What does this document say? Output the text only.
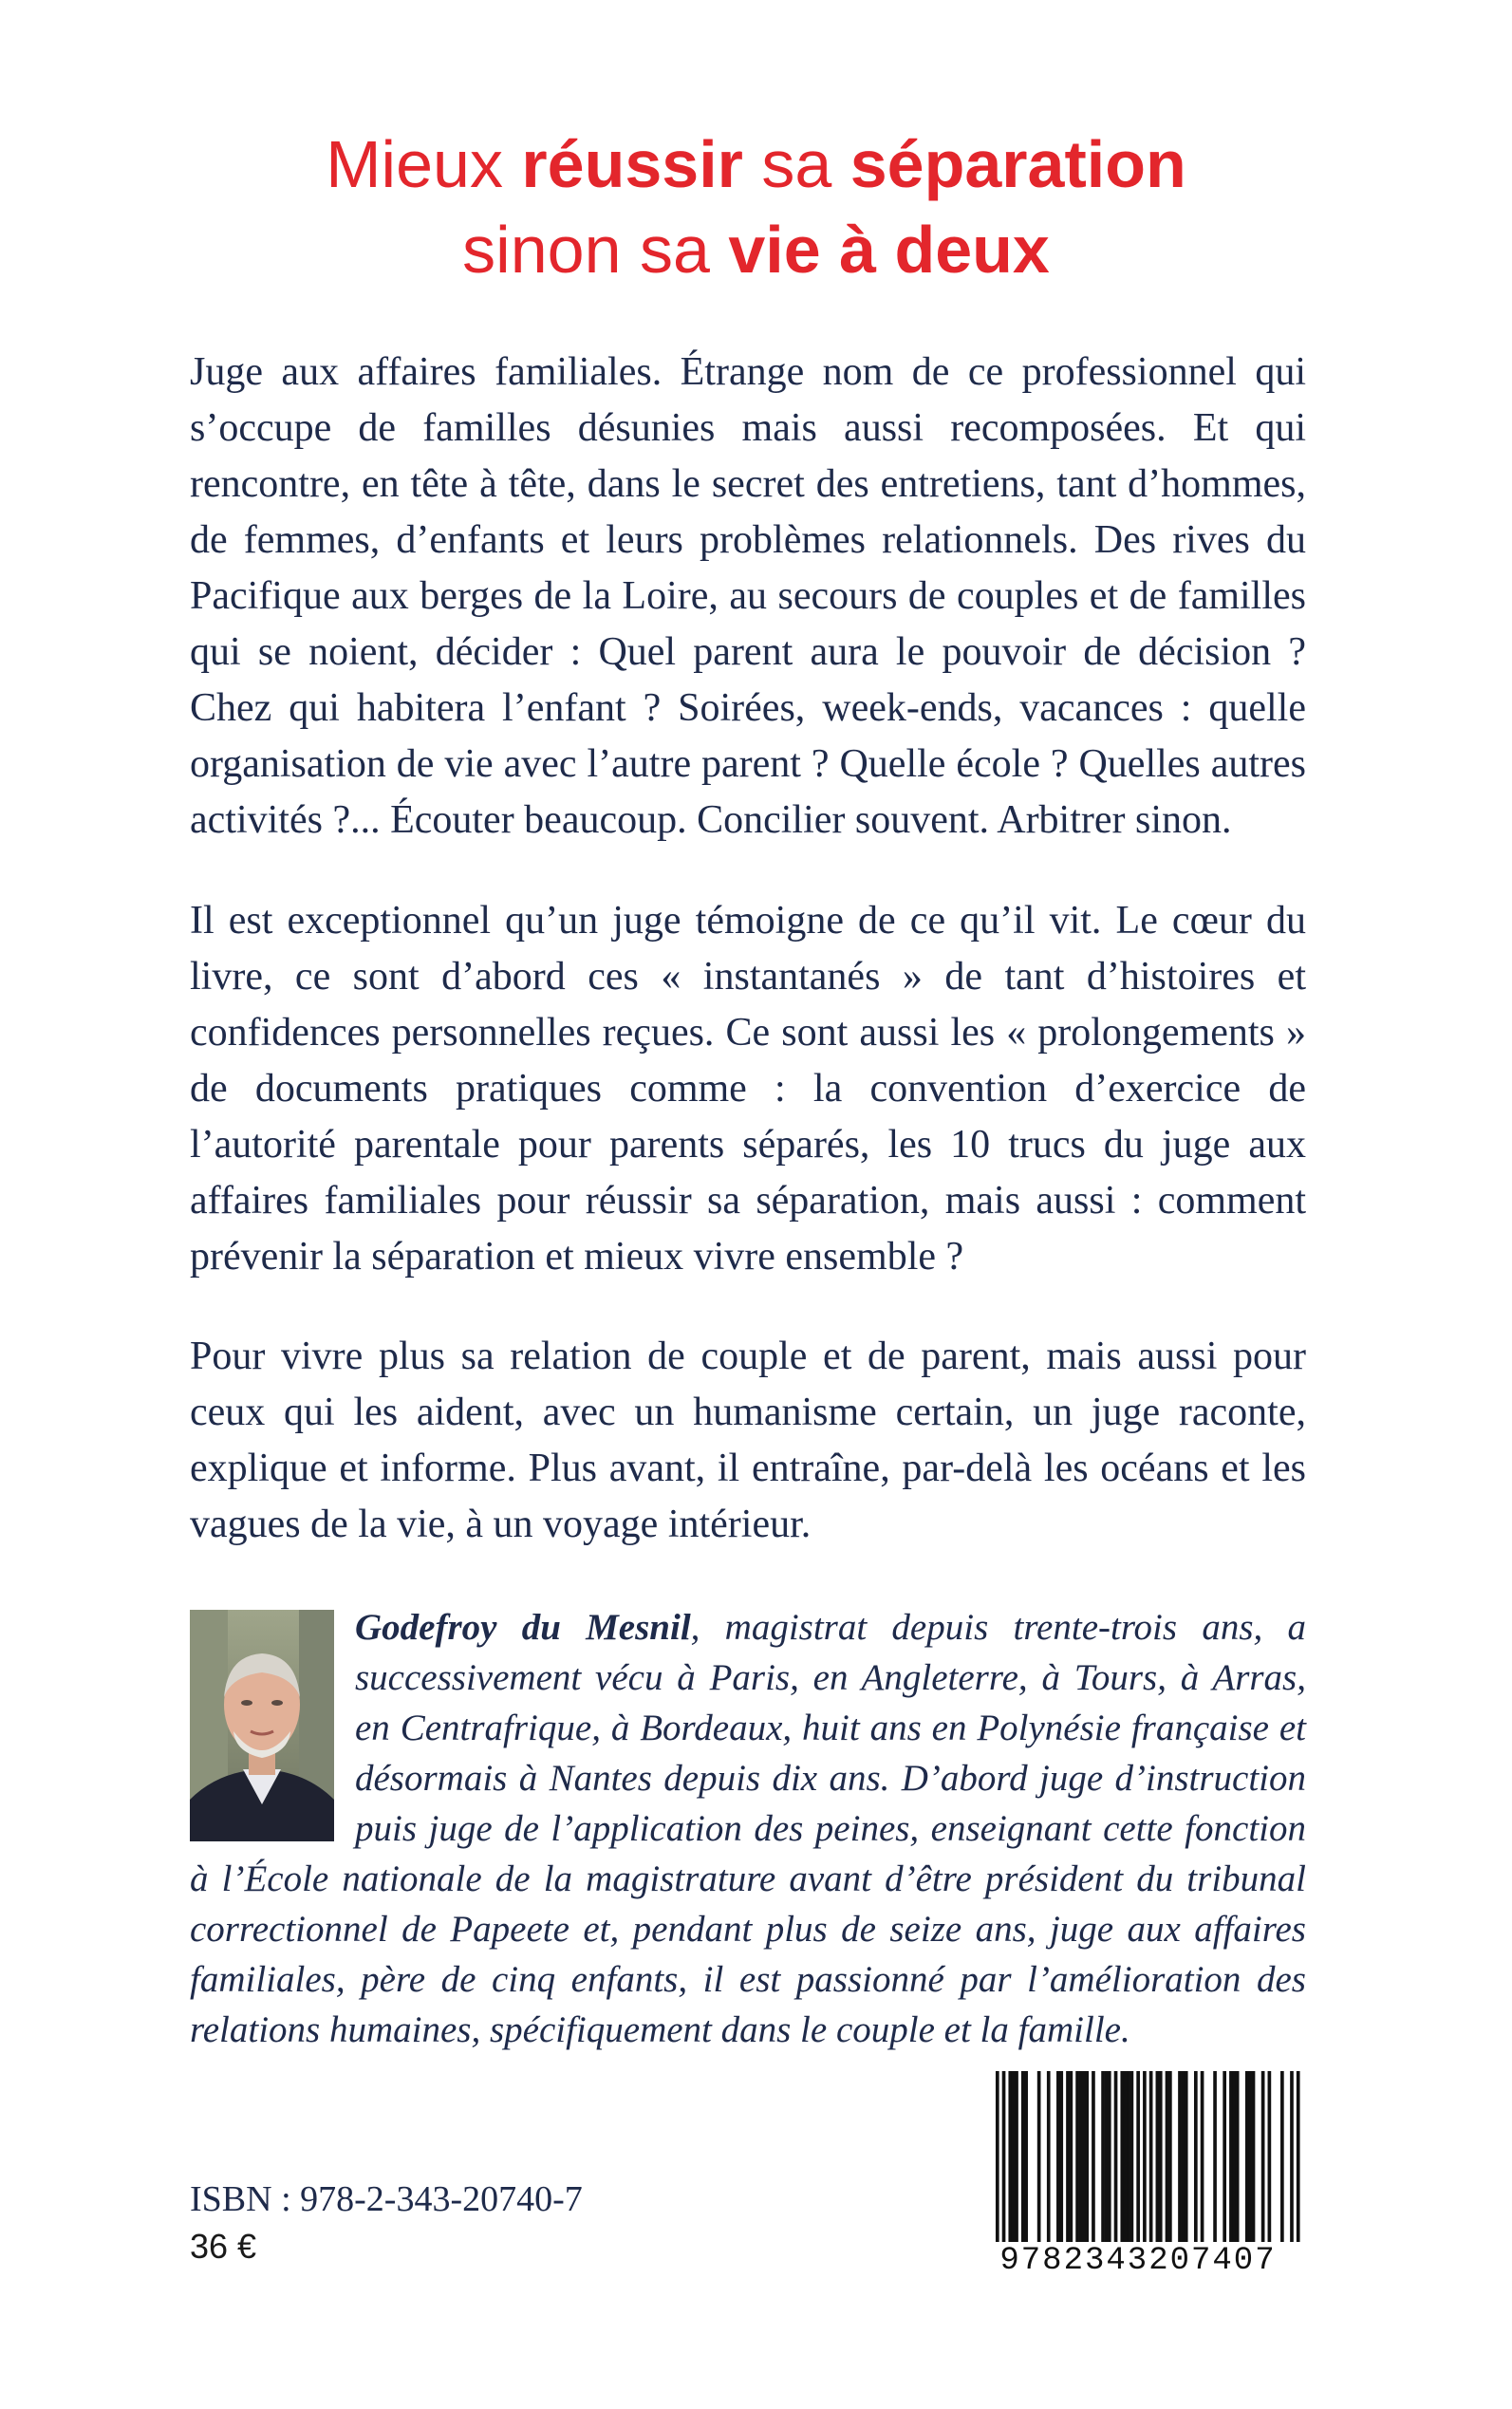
Mieux réussir sa séparation
sinon sa vie à deux

Juge aux affaires familiales. Étrange nom de ce professionnel qui s’occupe de familles désunies mais aussi recomposées. Et qui rencontre, en tête à tête, dans le secret des entretiens, tant d’hommes, de femmes, d’enfants et leurs problèmes relationnels. Des rives du Pacifique aux berges de la Loire, au secours de couples et de familles qui se noient, décider : Quel parent aura le pouvoir de décision ? Chez qui habitera l’enfant ? Soirées, week-ends, vacances : quelle organisation de vie avec l’autre parent ? Quelle école ? Quelles autres activités ?... Écouter beaucoup. Concilier souvent. Arbitrer sinon.

Il est exceptionnel qu’un juge témoigne de ce qu’il vit. Le cœur du livre, ce sont d’abord ces « instantanés » de tant d’histoires et confidences personnelles reçues. Ce sont aussi les « prolongements » de documents pratiques comme : la convention d’exercice de l’autorité parentale pour parents séparés, les 10 trucs du juge aux affaires familiales pour réussir sa séparation, mais aussi : comment prévenir la séparation et mieux vivre ensemble ?

Pour vivre plus sa relation de couple et de parent, mais aussi pour ceux qui les aident, avec un humanisme certain, un juge raconte, explique et informe. Plus avant, il entraîne, par-delà les océans et les vagues de la vie, à un voyage intérieur.

Godefroy du Mesnil, magistrat depuis trente-trois ans, a successivement vécu à Paris, en Angleterre, à Tours, à Arras, en Centrafrique, à Bordeaux, huit ans en Polynésie française et désormais à Nantes depuis dix ans. D’abord juge d’instruction puis juge de l’application des peines, enseignant cette fonction à l’École nationale de la magistrature avant d’être président du tribunal correctionnel de Papeete et, pendant plus de seize ans, juge aux affaires familiales, père de cinq enfants, il est passionné par l’amélioration des relations humaines, spécifiquement dans le couple et la famille.
ISBN : 978-2-343-20740-7
36 €	9782343207407
